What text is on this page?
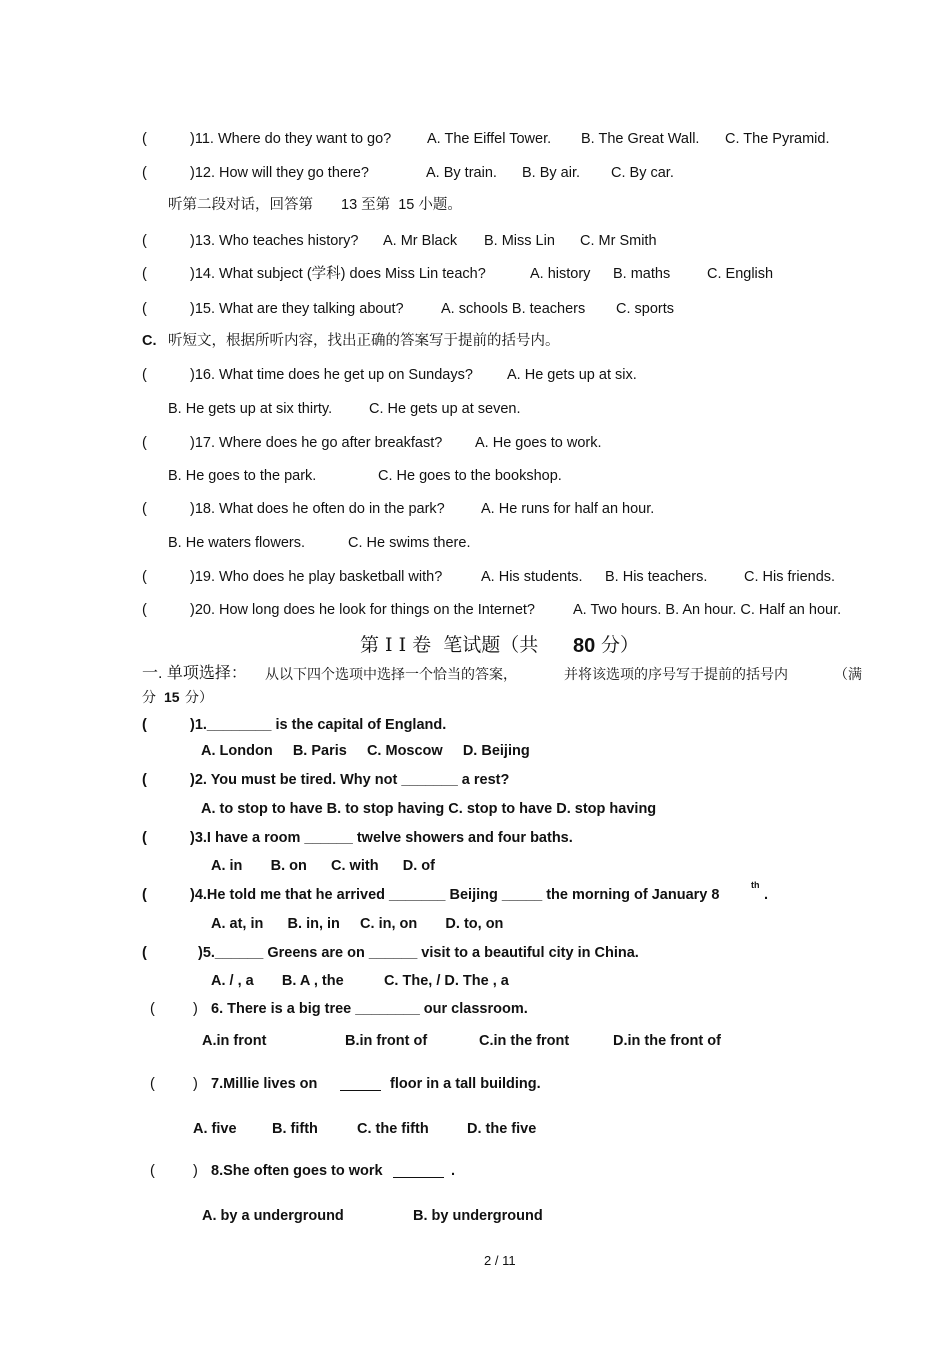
(	)11. Where do they want to go? A. The Eiffel Tower. B. The Great Wall. C. The Pyramid.
(	)12. How will they go there?	A. By train. B. By air. C. By car.
听第二段对话，回答第 13 至第  15 小题。
(	)13. Who teaches history? A. Mr Black B. Miss Lin C. Mr Smith
(	)14. What subject (学科) does Miss Lin teach?	A. history B. maths	C. English
(	)15. What are they talking about?	A. schools B. teachers C. sports
C. 听短文，根据所听内容，找出正确的答案写于提前的括号内。
(	)16. What time does he get up on Sundays? A. He gets up at six.
B. He gets up at six thirty.	C. He gets up at seven.
(	)17. Where does he go after breakfast? A. He goes to work.
B. He goes to the park.	C. He goes to the bookshop.
(	)18. What does he often do in the park?	A. He runs for half an hour.
B. He waters flowers.	C. He swims there.
(	)19. Who does he play basketball with?	A. His students. B. His teachers.	C. His friends.
(	)20. How long does he look for things on the Internet?	A. Two hours. B. An hour. C. Half an hour.
第 I I 卷  笔试题（共 80 分）
一. 单项选择： 从以下四个选项中选择一个恰当的答案，	并将该选项的序号写于提前的括号内	（满
分 15 分）
(	)1.________ is the capital of England.
A. London     B. Paris     C. Moscow     D. Beijing
(	)2. You must be tired. Why not _______ a rest?
A. to stop to have B. to stop having C. stop to have D. stop having
(	)3.I have a room ______ twelve showers and four baths.
A. in       B. on      C. with      D. of
(	)4.He told me that he arrived _______ Beijing _____ the morning of January 8
th
.
A. at, in      B. in, in     C. in, on       D. to, on
(	)5.______ Greens are on ______ visit to a beautiful city in China.
A. / , a       B. A , the          C. The, / D. The , a
(	) 6. There is a big tree ________ our classroom.
A.in front	B.in front of	C.in the front	D.in the front of
(	) 7.Millie lives on	floor in a tall building.
A. five B. fifth	C. the fifth	D. the five
(	) 8.She often goes to work	.
A. by a underground	B. by underground
2 / 11
